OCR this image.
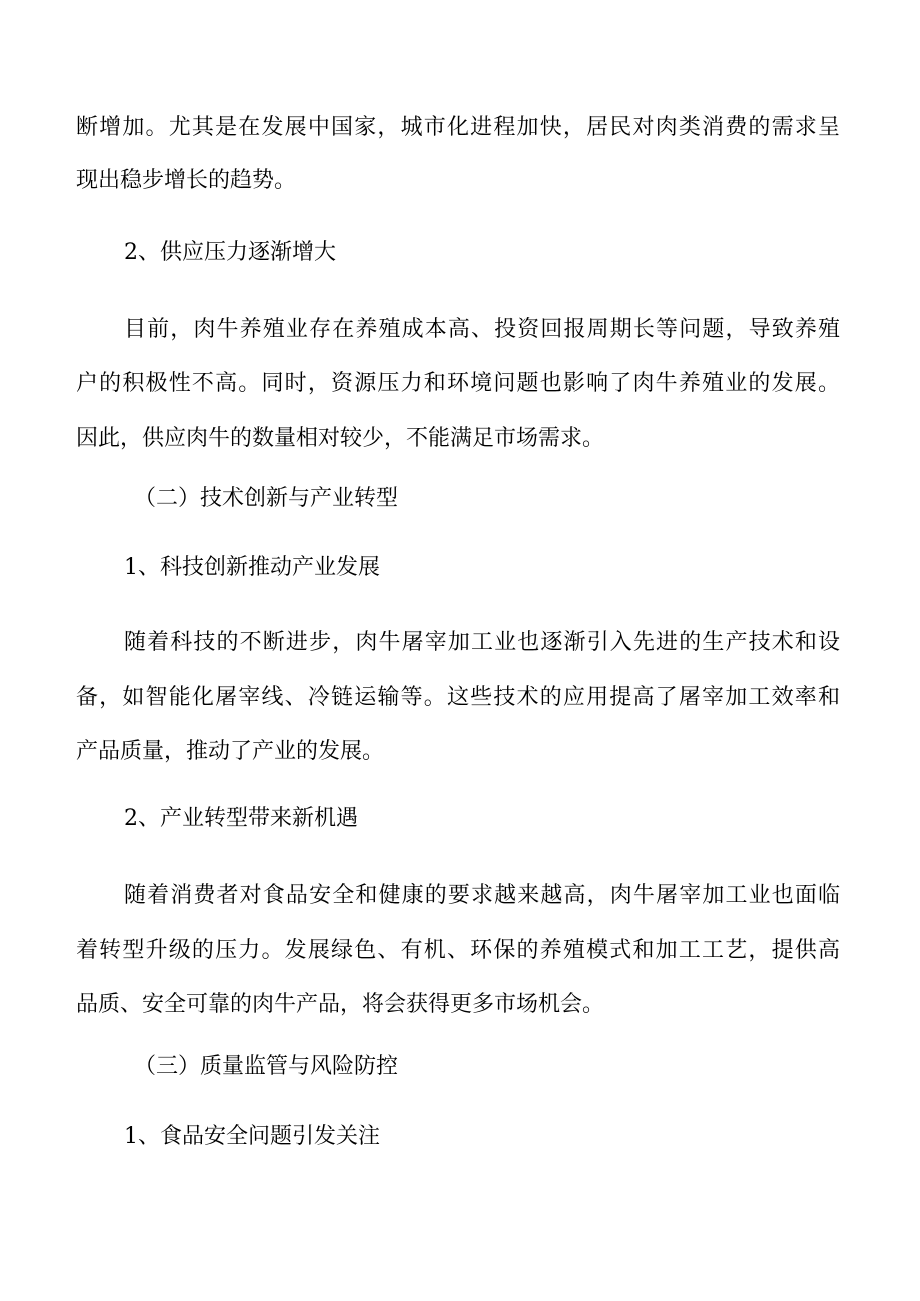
断增加。尤其是在发展中国家，城市化进程加快，居民对肉类消费的需求呈
现出稳步增长的趋势。
2、供应压力逐渐增大
目前，肉牛养殖业存在养殖成本高、投资回报周期长等问题，导致养殖
户的积极性不高。同时，资源压力和环境问题也影响了肉牛养殖业的发展。
因此，供应肉牛的数量相对较少，不能满足市场需求。
（二）技术创新与产业转型
1、科技创新推动产业发展
随着科技的不断进步，肉牛屠宰加工业也逐渐引入先进的生产技术和设
备，如智能化屠宰线、冷链运输等。这些技术的应用提高了屠宰加工效率和
产品质量，推动了产业的发展。
2、产业转型带来新机遇
随着消费者对食品安全和健康的要求越来越高，肉牛屠宰加工业也面临
着转型升级的压力。发展绿色、有机、环保的养殖模式和加工工艺，提供高
品质、安全可靠的肉牛产品，将会获得更多市场机会。
（三）质量监管与风险防控
1、食品安全问题引发关注
